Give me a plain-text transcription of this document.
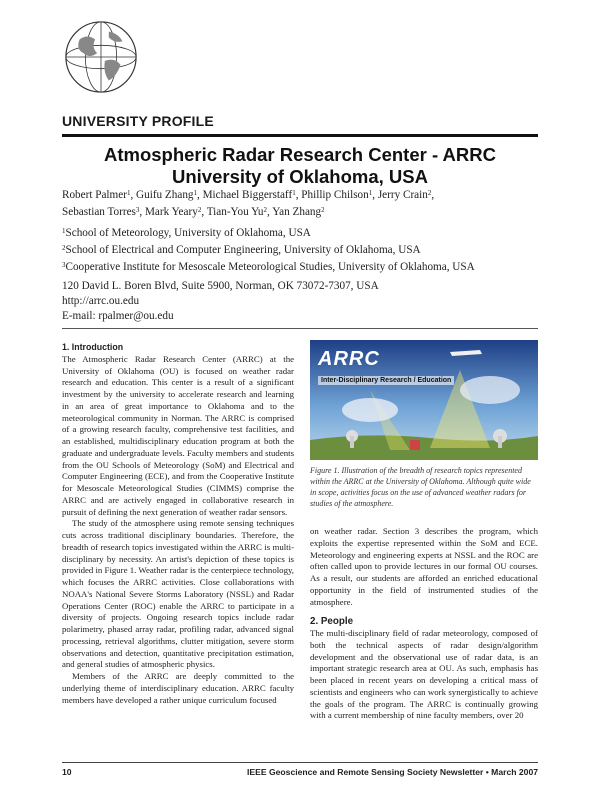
UNIVERSITY PROFILE
Atmospheric Radar Research Center - ARRC
University of Oklahoma, USA
Robert Palmer$^1$, Guifu Zhang$^1$, Michael Biggerstaff$^1$, Phillip Chilson$^1$, Jerry Crain$^2$,
Sebastian Torres$^3$, Mark Yeary$^2$, Tian-You Yu$^2$, Yan Zhang$^2$
$^1$School of Meteorology, University of Oklahoma, USA
$^2$School of Electrical and Computer Engineering, University of Oklahoma, USA
$^3$Cooperative Institute for Mesoscale Meteorological Studies, University of Oklahoma, USA
120 David L. Boren Blvd, Suite 5900, Norman, OK 73072-7307, USA
http://arrc.ou.edu
E-mail: rpalmer@ou.edu

1. Introduction

The Atmospheric Radar Research Center (ARRC) at the University of Oklahoma (OU) is focused on weather radar research and education. This center is a result of a significant investment by the university to accelerate research and learning in an area of great importance to Oklahoma and to the meteorological community in Norman. The ARRC is comprised of a growing research faculty, comprehensive test facilities, and an established, multidisciplinary education program at both the graduate and undergraduate levels. Faculty members and students from the OU Schools of Meteorology (SoM) and Electrical and Computer Engineering (ECE), and from the Cooperative Institute for Mesoscale Meteorological Studies (CIMMS) comprise the ARRC and are actively engaged in collaborative research in pursuit of defining the next generation of weather radar sensors.

The study of the atmosphere using remote sensing techniques cuts across traditional disciplinary boundaries. Therefore, the breadth of research topics investigated within the ARRC is multi-disciplinary by necessity. An artist's depiction of these topics is provided in Figure 1. Weather radar is the centerpiece technology, which focuses the ARRC activities. Close collaborations with NOAA's National Severe Storms Laboratory (NSSL) and Radar Operations Center (ROC) enable the ARRC to participate in a diversity of projects. Ongoing research topics include radar polarimetry, phased array radar, profiling radar, advanced signal processing, retrieval algorithms, clutter mitigation, severe storm observations and detection, quantitative precipitation estimation, and general studies of atmospheric physics.

Members of the ARRC are deeply committed to the underlying theme of interdisciplinary education. ARRC faculty members have developed a rather unique curriculum focused

ARRC
Inter-Disciplinary Research / Education
Figure 1. Illustration of the breadth of research topics represented within the ARRC at the University of Oklahoma. Although quite wide in scope, activities focus on the use of advanced weather radars for studies of the atmosphere.

on weather radar. Section 3 describes the program, which exploits the expertise represented within the SoM and ECE. Meteorology and engineering experts at NSSL and the ROC are often called upon to provide lectures in our formal OU courses. As a result, our students are afforded an enriched educational opportunity in the field of instrumented studies of the atmosphere.

2. People

The multi-disciplinary field of radar meteorology, composed of both the technical aspects of radar design/algorithm development and the observational use of radar data, is an important strategic research area at OU. As such, emphasis has been placed in recent years on developing a critical mass of scientists and engineers who can work synergistically to achieve the goals of the program. The ARRC is continually growing with a current membership of nine faculty members, over 20

10	IEEE Geoscience and Remote Sensing Society Newsletter • March 2007
